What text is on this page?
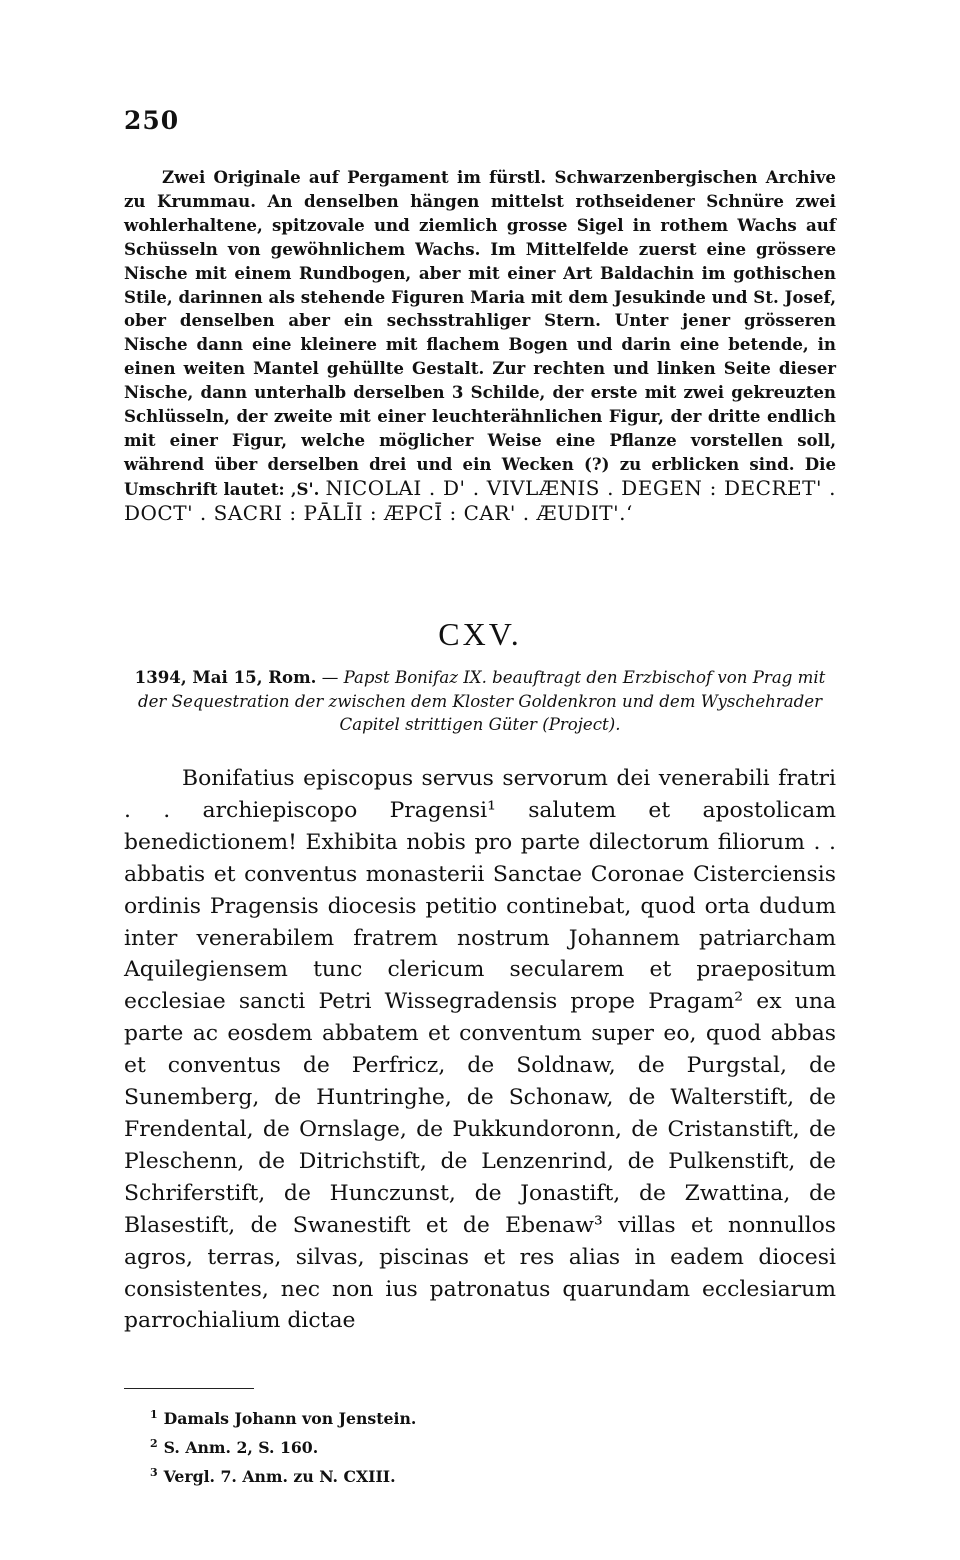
250

Zwei Originale auf Pergament im fürstl. Schwarzenbergischen Archive zu Krummau. An denselben hängen mittelst rothseidener Schnüre zwei wohlerhaltene, spitzovale und ziemlich grosse Sigel in rothem Wachs auf Schüsseln von gewöhnlichem Wachs. Im Mittelfelde zuerst eine grössere Nische mit einem Rundbogen, aber mit einer Art Baldachin im gothischen Stile, darinnen als stehende Figuren Maria mit dem Jesukinde und St. Josef, ober denselben aber ein sechsstrahliger Stern. Unter jener grösseren Nische dann eine kleinere mit flachem Bogen und darin eine betende, in einen weiten Mantel gehüllte Gestalt. Zur rechten und linken Seite dieser Nische, dann unterhalb derselben 3 Schilde, der erste mit zwei gekreuzten Schlüsseln, der zweite mit einer leuchterähnlichen Figur, der dritte endlich mit einer Figur, welche möglicher Weise eine Pflanze vorstellen soll, während über derselben drei und ein Wecken (?) zu erblicken sind. Die Umschrift lautet: ‚S'. NICOLAI . D' . VIVLÆNIS . DEGEN : DECRET' . DOCT' . SACRI : PĀLĪI : ÆPCĪ : CAR' . ÆUDIT'.‘

CXV.
1394, Mai 15, Rom. — Papst Bonifaz IX. beauftragt den Erzbischof von Prag mit der Sequestration der zwischen dem Kloster Goldenkron und dem Wyschehrader Capitel strittigen Güter (Project).

Bonifatius episcopus servus servorum dei venerabili fratri . . archiepiscopo Pragensi¹ salutem et apostolicam benedictionem! Exhibita nobis pro parte dilectorum filiorum . . abbatis et conventus monasterii Sanctae Coronae Cisterciensis ordinis Pragensis diocesis petitio continebat, quod orta dudum inter venerabilem fratrem nostrum Johannem patriarcham Aquilegiensem tunc clericum secularem et praepositum ecclesiae sancti Petri Wissegradensis prope Pragam² ex una parte ac eosdem abbatem et conventum super eo, quod abbas et conventus de Perfricz, de Soldnaw, de Purgstal, de Sunemberg, de Huntringhe, de Schonaw, de Walterstift, de Frendental, de Ornslage, de Pukkundoronn, de Cristanstift, de Pleschenn, de Ditrichstift, de Lenzenrind, de Pulkenstift, de Schriferstift, de Hunczunst, de Jonastift, de Zwattina, de Blasestift, de Swanestift et de Ebenaw³ villas et nonnullos agros, terras, silvas, piscinas et res alias in eadem diocesi consistentes, nec non ius patronatus quarundam ecclesiarum parrochialium dictae

$^1$ Damals Johann von Jenstein.
$^2$ S. Anm. 2, S. 160.
$^3$ Vergl. 7. Anm. zu N. CXIII.
